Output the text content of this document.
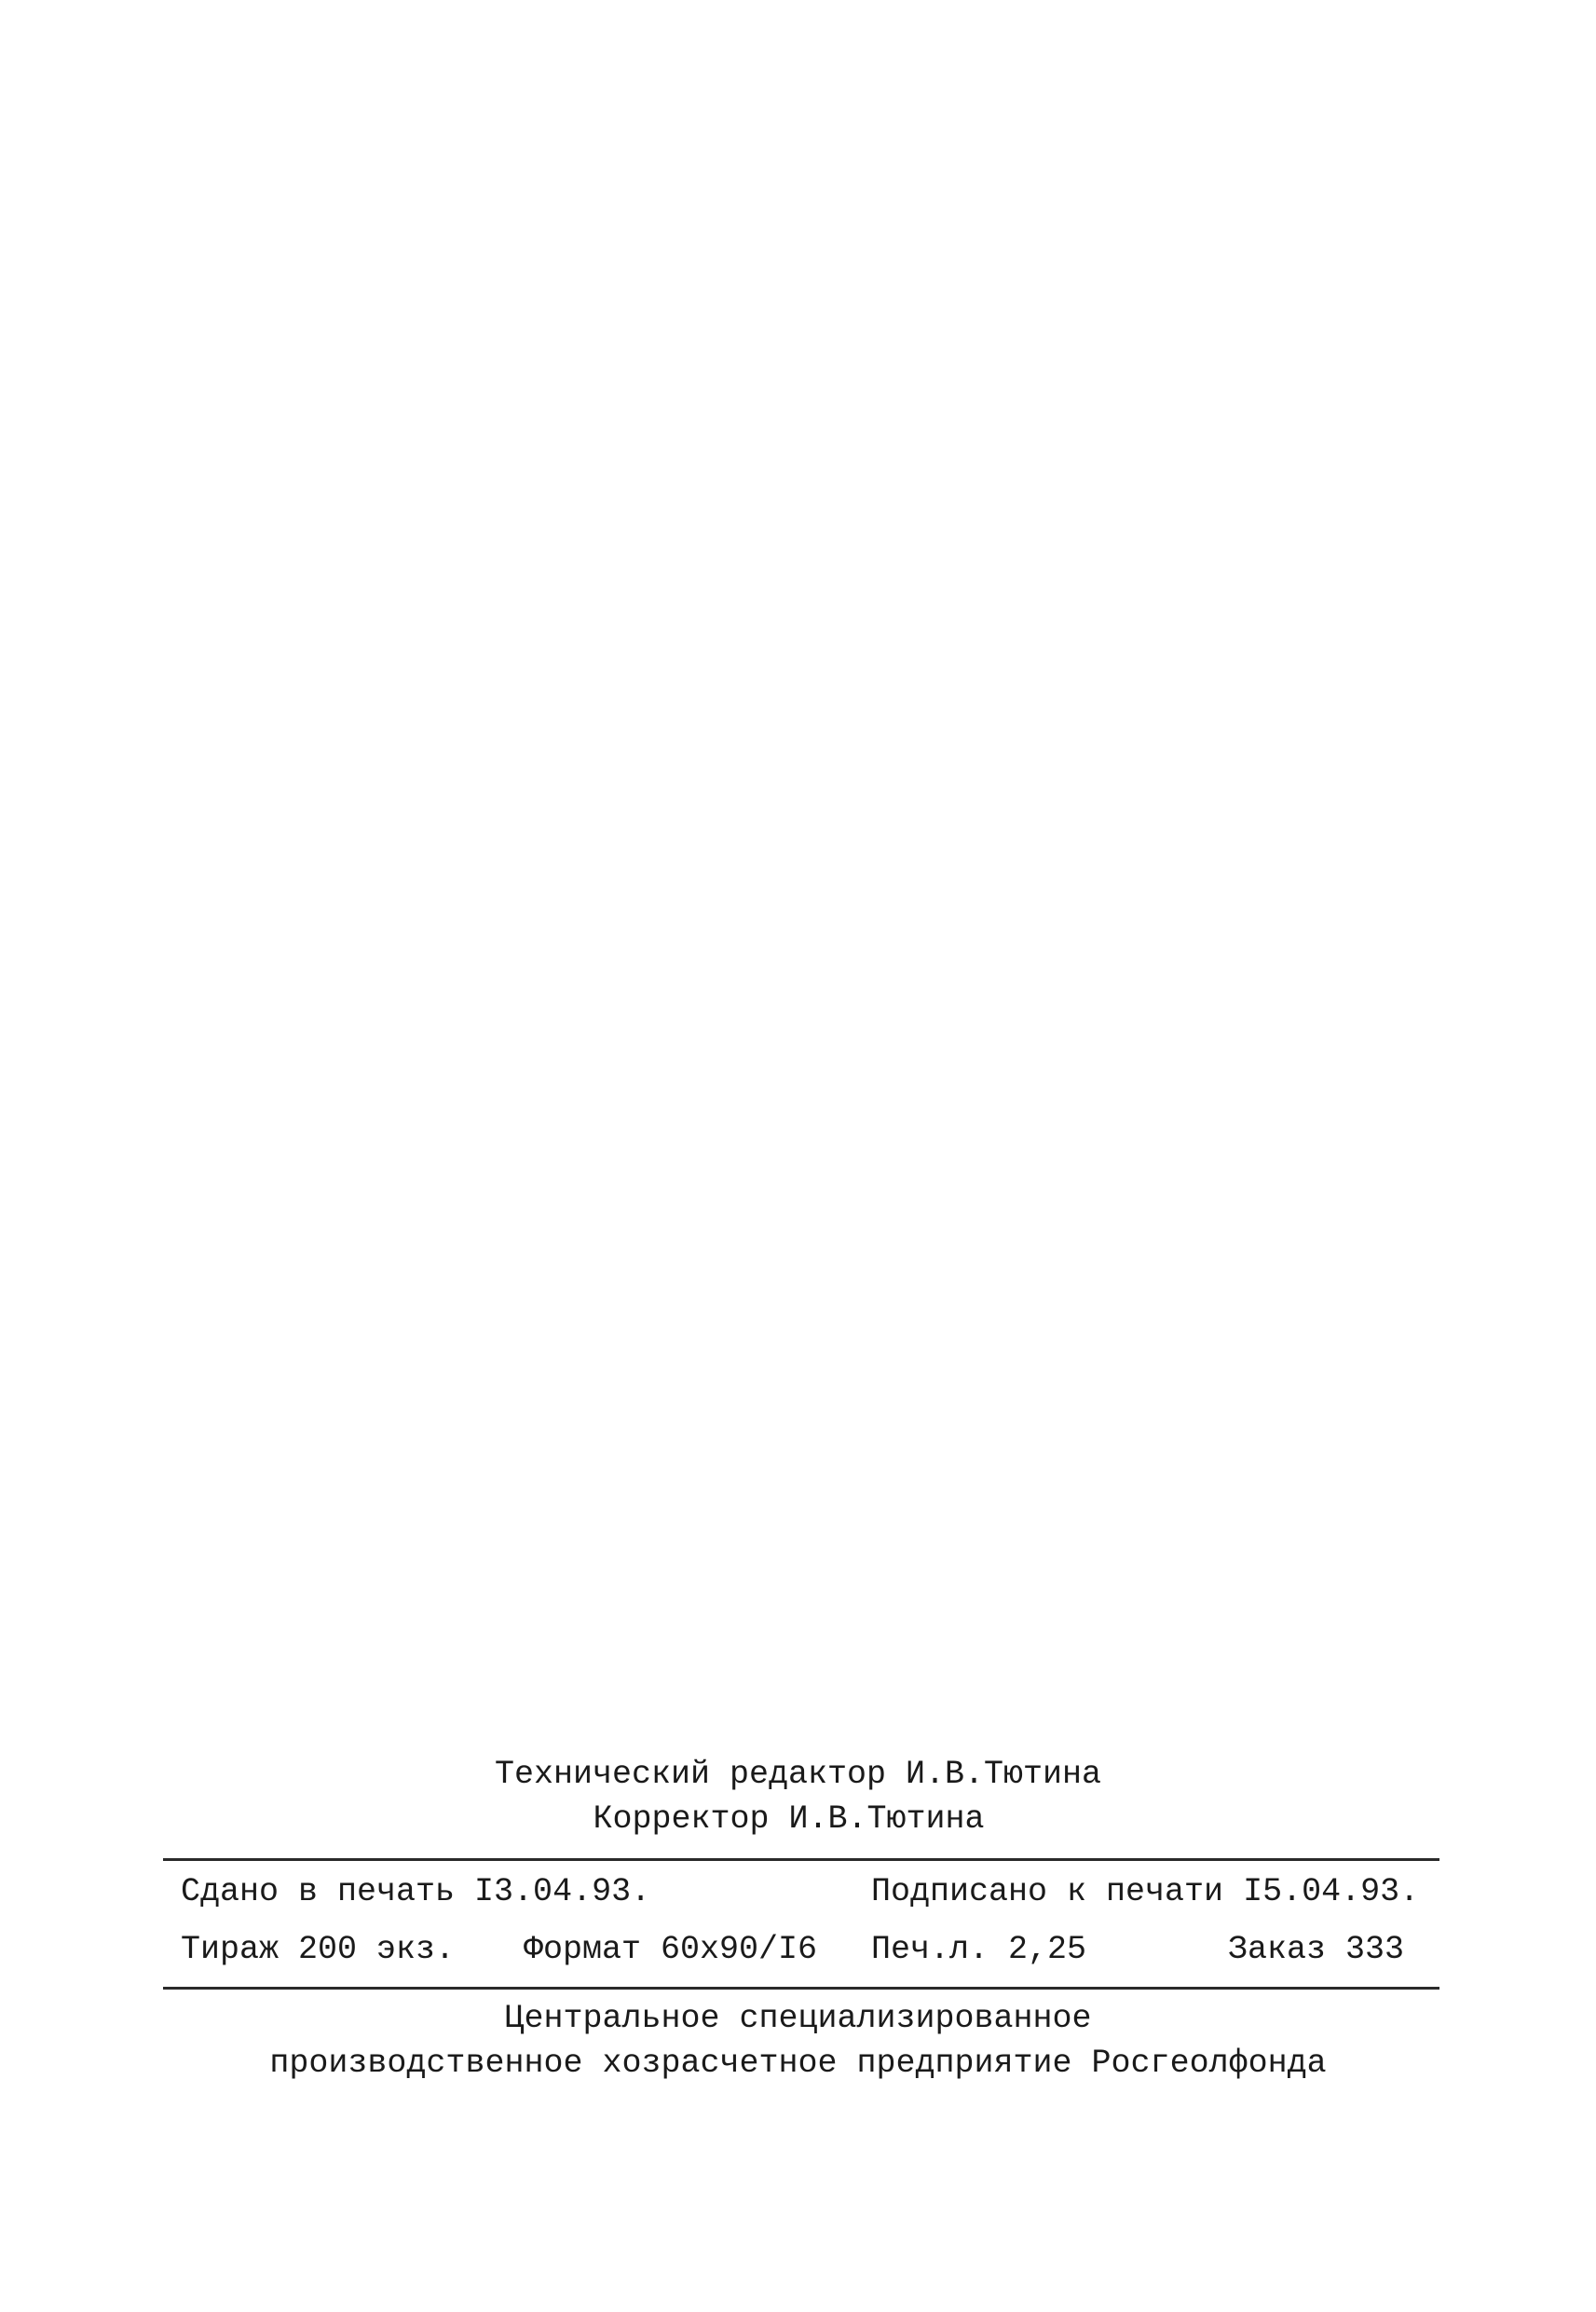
Технический редактор И.В.Тютина
Корректор И.В.Тютина
Сдано в печать I3.04.93.	Подписано к печати I5.04.93.
Тираж 200 экз. Формат 60x90/I6 Печ.л. 2,25	Заказ 333
Центральное специализированное
производственное хозрасчетное предприятие Росгеолфонда
